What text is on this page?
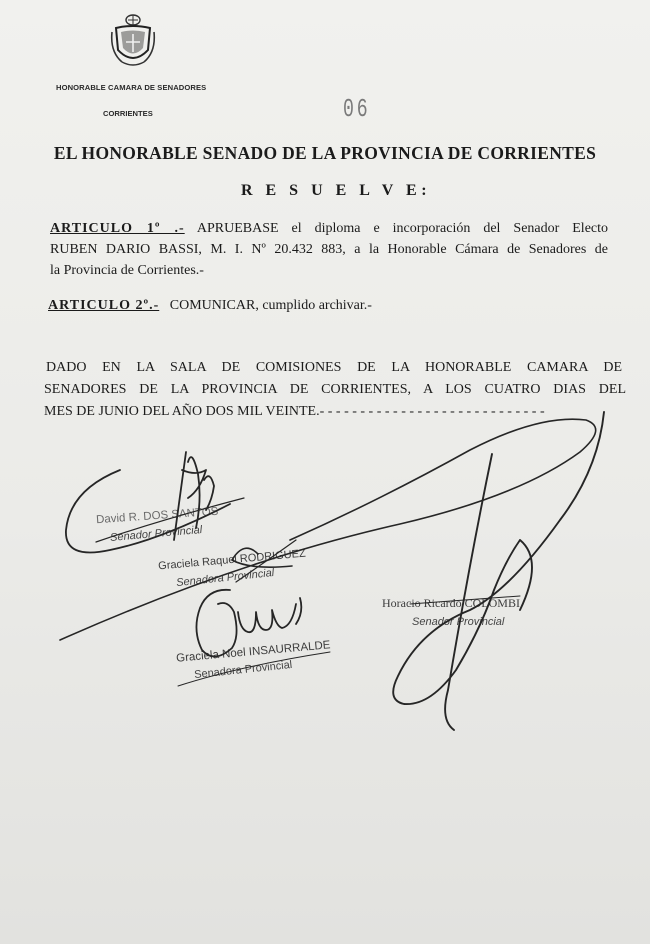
HONORABLE CAMARA DE SENADORES
CORRIENTES	06
EL HONORABLE SENADO DE LA PROVINCIA DE CORRIENTES
R E S U E L V E:
ARTICULO 1º .- APRUEBASE el diploma e incorporación del Senador Electo
RUBEN DARIO BASSI, M. I. Nº 20.432 883, a la Honorable Cámara de Senadores de
la Provincia de Corrientes.-
ARTICULO 2º.- COMUNICAR, cumplido archivar.-
DADO EN LA SALA DE COMISIONES DE LA HONORABLE CAMARA DE
SENADORES DE LA PROVINCIA DE CORRIENTES, A LOS CUATRO DIAS DEL
MES DE JUNIO DEL AÑO DOS MIL VEINTE.- - - - - - - - - - - - - - - - - - - - - - - - - - - -
David R. DOS SANTOS
Senador Provincial
Graciela Raquel RODRIGUEZ
Senadora Provincial
Graciela Noel INSAURRALDE
Senadora Provincial
Horacio Ricardo COLOMBI
Senador Provincial
